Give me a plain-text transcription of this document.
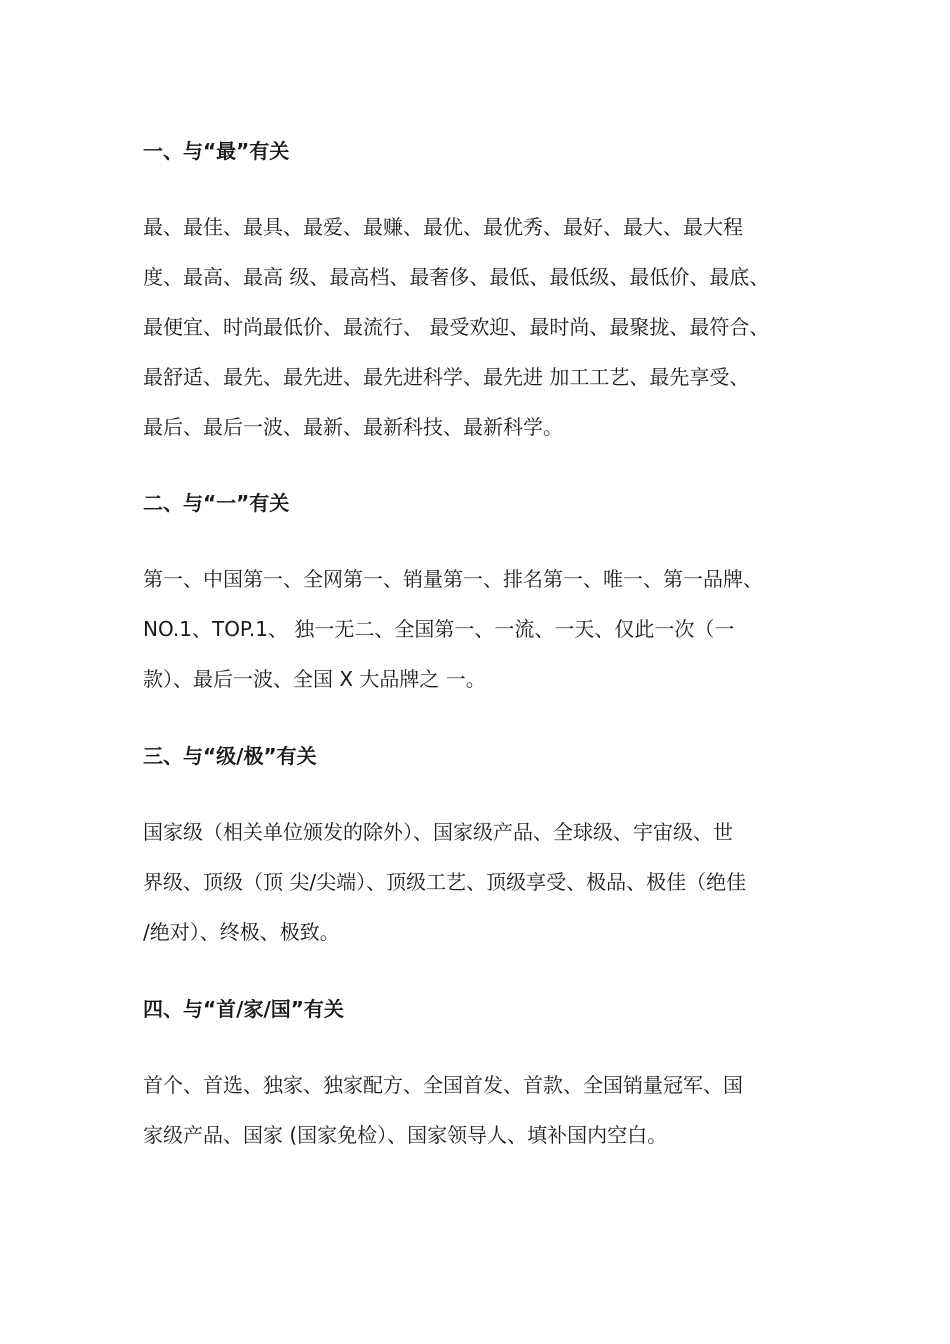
一、与“最”有关
最、最佳、最具、最爱、最赚、最优、最优秀、最好、最大、最大程
度、最高、最高 级、最高档、最奢侈、最低、最低级、最低价、最底、
最便宜、时尚最低价、最流行、 最受欢迎、最时尚、最聚拢、最符合、
最舒适、最先、最先进、最先进科学、最先进 加工工艺、最先享受、
最后、最后一波、最新、最新科技、最新科学。
二、与“一”有关
第一、中国第一、全网第一、销量第一、排名第一、唯一、第一品牌、
NO.1、TOP.1、 独一无二、全国第一、一流、一天、仅此一次（一
款）、最后一波、全国 X 大品牌之 一。
三、与“级/极”有关
国家级（相关单位颁发的除外）、国家级产品、全球级、宇宙级、世
界级、顶级（顶 尖/尖端）、顶级工艺、顶级享受、极品、极佳（绝佳
/绝对）、终极、极致。
四、与“首/家/国”有关
首个、首选、独家、独家配方、全国首发、首款、全国销量冠军、国
家级产品、国家 (国家免检）、国家领导人、填补国内空白。
